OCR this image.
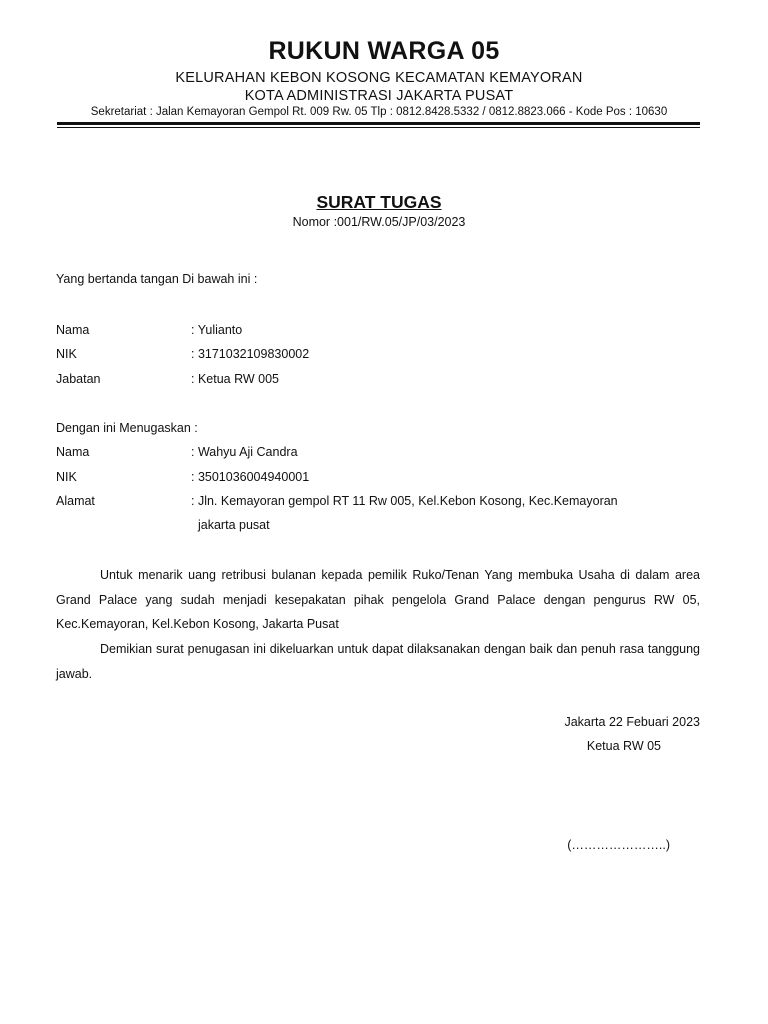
RUKUN WARGA 05
KELURAHAN KEBON KOSONG KECAMATAN KEMAYORAN
KOTA ADMINISTRASI JAKARTA PUSAT
Sekretariat : Jalan Kemayoran Gempol Rt. 009 Rw. 05 Tlp : 0812.8428.5332 / 0812.8823.066 - Kode Pos : 10630
SURAT TUGAS
Nomor :001/RW.05/JP/03/2023
Yang bertanda tangan Di bawah ini :
Nama	: Yulianto
NIK	: 3171032109830002
Jabatan	: Ketua RW 005
Dengan ini Menugaskan :
Nama	: Wahyu Aji Candra
NIK	: 3501036004940001
Alamat	: Jln. Kemayoran gempol RT 11 Rw 005, Kel.Kebon Kosong, Kec.Kemayoran
jakarta pusat
Untuk menarik uang retribusi bulanan kepada pemilik Ruko/Tenan Yang membuka Usaha di dalam area Grand Palace yang sudah menjadi kesepakatan pihak pengelola Grand Palace dengan pengurus RW 05, Kec.Kemayoran, Kel.Kebon Kosong, Jakarta Pusat
Demikian surat penugasan ini dikeluarkan untuk dapat dilaksanakan dengan baik dan penuh rasa tanggung jawab.
Jakarta 22 Febuari 2023
Ketua RW 05
(…………………..)
